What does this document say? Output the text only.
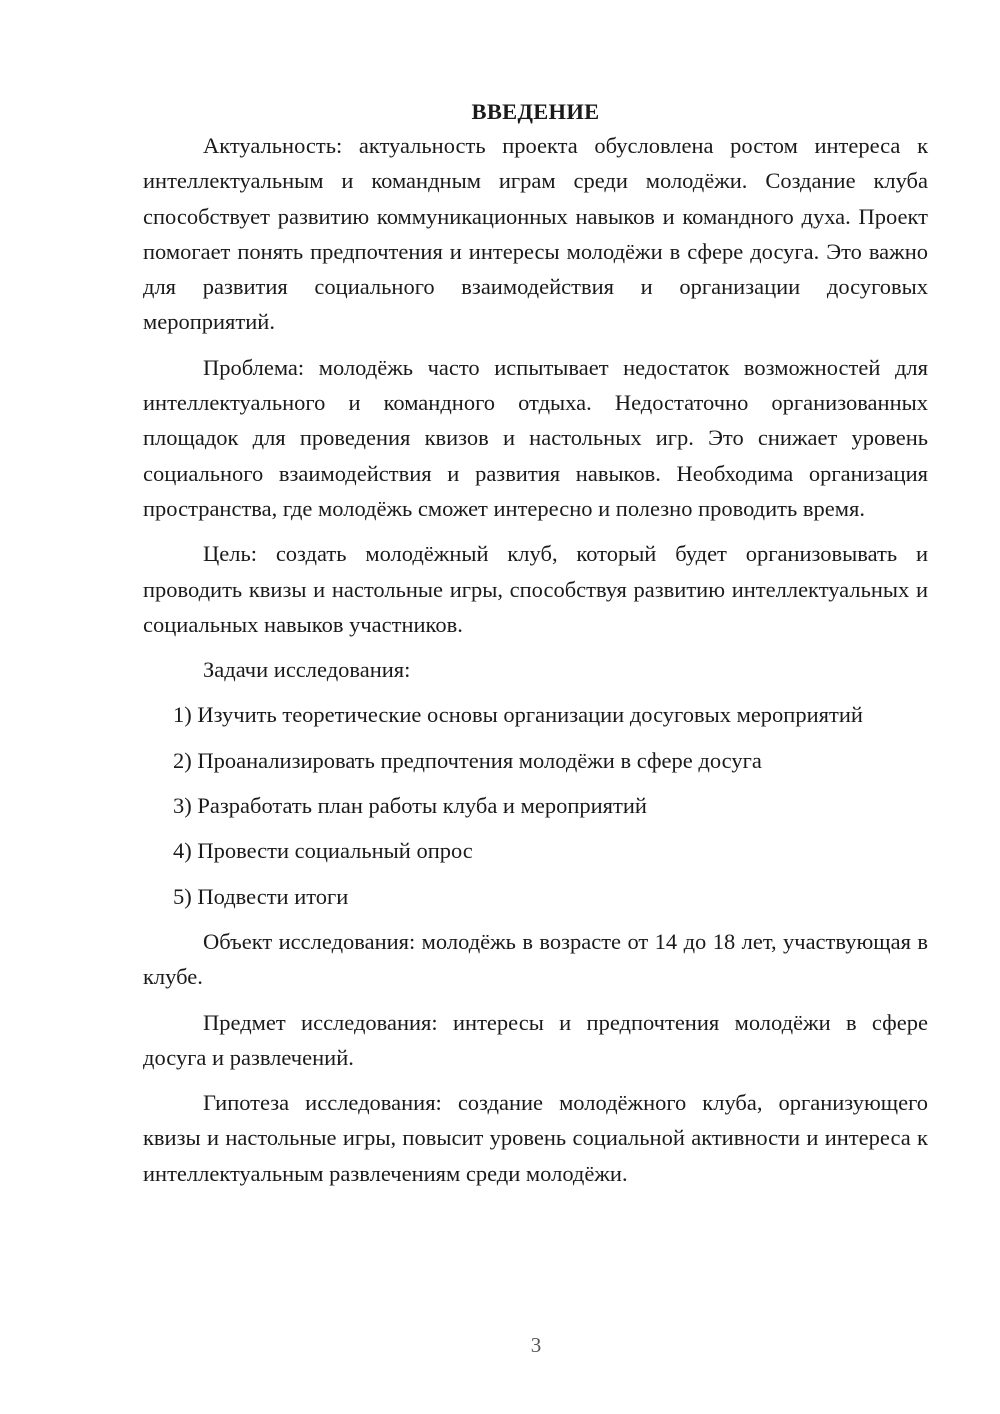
ВВЕДЕНИЕ

Актуальность: актуальность проекта обусловлена ростом интереса к интеллектуальным и командным играм среди молодёжи. Создание клуба способствует развитию коммуникационных навыков и командного духа. Проект помогает понять предпочтения и интересы молодёжи в сфере досуга. Это важно для развития социального взаимодействия и организации досуговых мероприятий.

Проблема: молодёжь часто испытывает недостаток возможностей для интеллектуального и командного отдыха. Недостаточно организованных площадок для проведения квизов и настольных игр. Это снижает уровень социального взаимодействия и развития навыков. Необходима организация пространства, где молодёжь сможет интересно и полезно проводить время.

Цель: создать молодёжный клуб, который будет организовывать и проводить квизы и настольные игры, способствуя развитию интеллектуальных и социальных навыков участников.

Задачи исследования:

1) Изучить теоретические основы организации досуговых мероприятий

2) Проанализировать предпочтения молодёжи в сфере досуга

3) Разработать план работы клуба и мероприятий

4) Провести социальный опрос

5) Подвести итоги

Объект исследования: молодёжь в возрасте от 14 до 18 лет, участвующая в клубе.

Предмет исследования: интересы и предпочтения молодёжи в сфере досуга и развлечений.

Гипотеза исследования: создание молодёжного клуба, организующего квизы и настольные игры, повысит уровень социальной активности и интереса к интеллектуальным развлечениям среди молодёжи.

3
